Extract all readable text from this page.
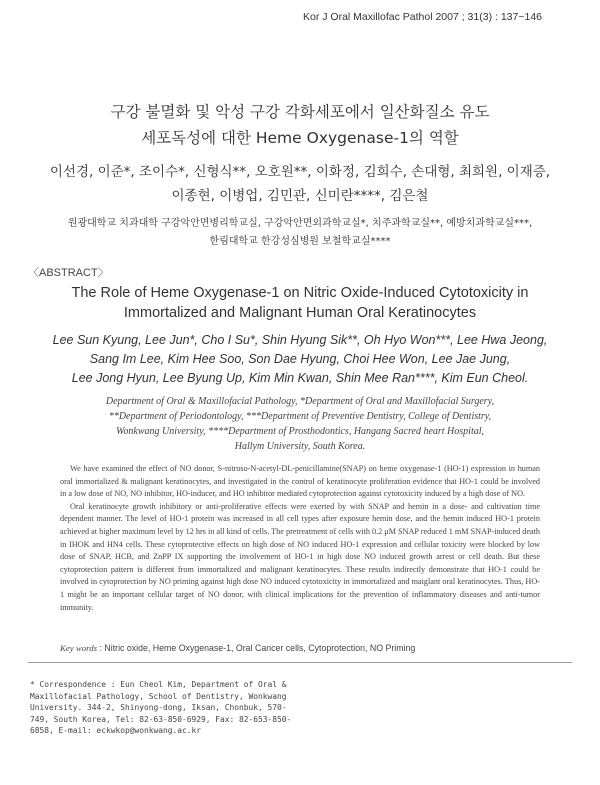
Kor J Oral Maxillofac Pathol 2007 ; 31(3) : 137~146
구강 불멸화 및 악성 구강 각화세포에서 일산화질소 유도
세포독성에 대한 Heme Oxygenase-1의 역할
이선경, 이준*, 조이수*, 신형식**, 오호원**, 이화정, 김희수, 손대형, 최희원, 이재증,
이종현, 이병업, 김민관, 신미란****, 김은철
원광대학교 치과대학 구강악안면병리학교실, 구강악안면외과학교실*, 치주과학교실**, 예방치과학교실***,
한림대학교 한강성심병원 보철학교실****
〈ABSTRACT〉
The Role of Heme Oxygenase-1 on Nitric Oxide-Induced Cytotoxicity in
Immortalized and Malignant Human Oral Keratinocytes
Lee Sun Kyung, Lee Jun*, Cho I Su*, Shin Hyung Sik**, Oh Hyo Won***, Lee Hwa Jeong,
Sang Im Lee, Kim Hee Soo, Son Dae Hyung, Choi Hee Won, Lee Jae Jung,
Lee Jong Hyun, Lee Byung Up, Kim Min Kwan, Shin Mee Ran****, Kim Eun Cheol.
Department of Oral & Maxillofacial Pathology, *Department of Oral and Maxillofacial Surgery,
**Department of Periodontology, ***Department of Preventive Dentistry, College of Dentistry,
Wonkwang University, ****Department of Prosthodontics, Hangang Sacred heart Hospital,
Hallym University, South Korea.

We have examined the effect of NO donor, S-nitroso-N-acetyl-DL-penicillamine(SNAP) on heme oxygenase-1 (HO-1) expression in human oral immortalized & malignant keratinocytes, and investigated in the control of keratinocyte proliferation evidence that HO-1 could be involved in a low dose of NO, NO inhibitor, HO-inducer, and HO inhibitor mediated cytoprotection against cytotoxicity induced by a high dose of NO.

Oral keratinocyte growth inhibitory or anti-proliferative effects were exerted by with SNAP and hemin in a dose- and cultivation time dependent manner. The level of HO-1 protein was increased in all cell types after exposure hemin dose, and the hemin induced HO-1 protein achieved at higher maximum level by 12 hrs in all kind of cells. The pretreatment of cells with 0.2 μM SNAP reduced 1 mM SNAP-induced death in IHOK and HN4 cells. These cytoprotective effects on high dose of NO induced HO-1 expression and cellular toxicity were blocked by low dose of SNAP, HCB, and ZnPP IX supporting the involvement of HO-1 in high dose NO induced growth arrest or cell death. But these cytoprotection pattern is different from immortalized and malignant keratinocytes. These results indirectly demonstrate that HO-1 could be involved in cytoprotection by NO priming against high dose NO induced cytotoxicity in immortalized and maiglant oral keratinocytes. Thus, HO-1 might be an important cellular target of NO donor, with clinical implications for the prevention of inflammatory diseases and anti-tumor immunity.

Key words : Nitric oxide, Heme Oxygenase-1, Oral Cancer cells, Cytoprotection, NO Priming
* Correspondence : Eun Cheol Kim, Department of Oral & Maxillofacial Pathology, School of Dentistry, Wonkwang University. 344-2, Shinyong-dong, Iksan, Chonbuk, 570-749, South Korea, Tel: 82-63-850-6929, Fax: 82-653-850-6858, E-mail: eckwkop@wonkwang.ac.kr
